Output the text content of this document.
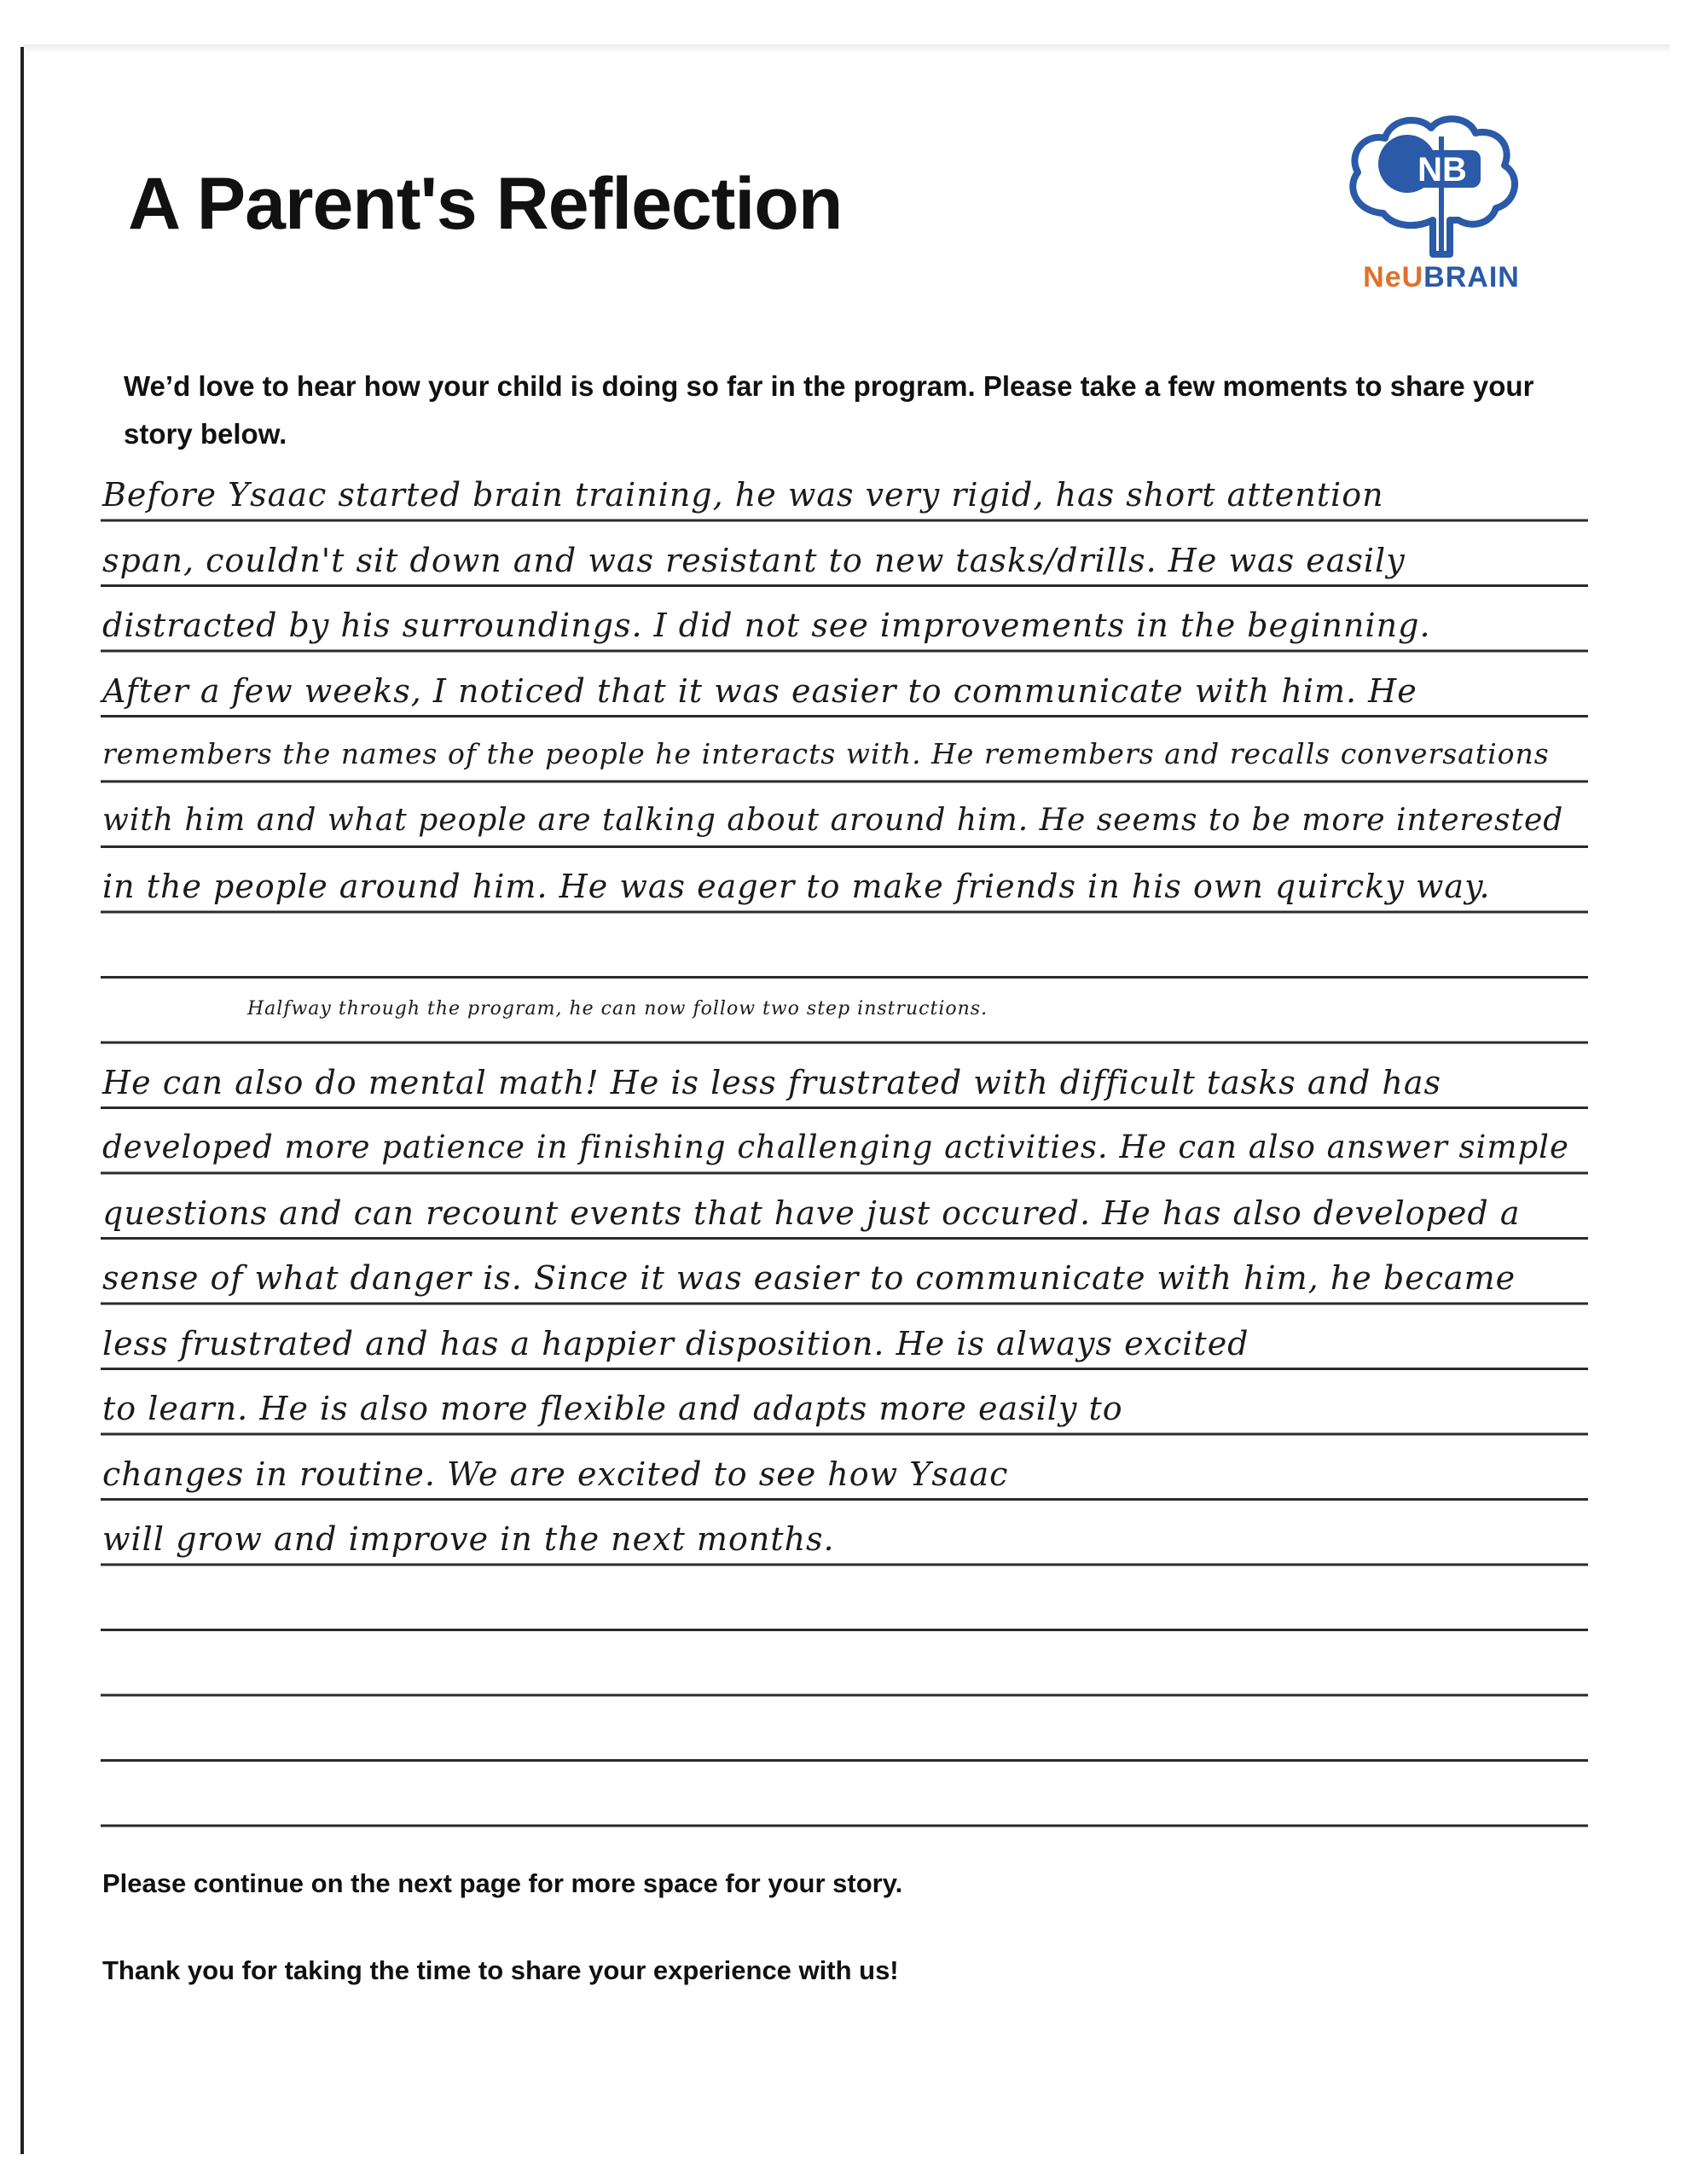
A Parent's Reflection	NB
NeUBRAIN
We’d love to hear how your child is doing so far in the program. Please take a few moments to share your story below.
Before Ysaac started brain training, he was very rigid, has short attention
span, couldn't sit down and was resistant to new tasks/drills. He was easily
distracted by his surroundings. I did not see improvements in the beginning.
After a few weeks, I noticed that it was easier to communicate with him. He
remembers the names of the people he interacts with. He remembers and recalls conversations
with him and what people are talking about around him. He seems to be more interested
in the people around him. He was eager to make friends in his own quircky way.
Halfway through the program, he can now follow two step instructions.
He can also do mental math! He is less frustrated with difficult tasks and has
developed more patience in finishing challenging activities. He can also answer simple
questions and can recount events that have just occured. He has also developed a
sense of what danger is. Since it was easier to communicate with him, he became
less frustrated and has a happier disposition. He is always excited
to learn. He is also more flexible and adapts more easily to
changes in routine. We are excited to see how Ysaac
will grow and improve in the next months.
Please continue on the next page for more space for your story.
Thank you for taking the time to share your experience with us!
